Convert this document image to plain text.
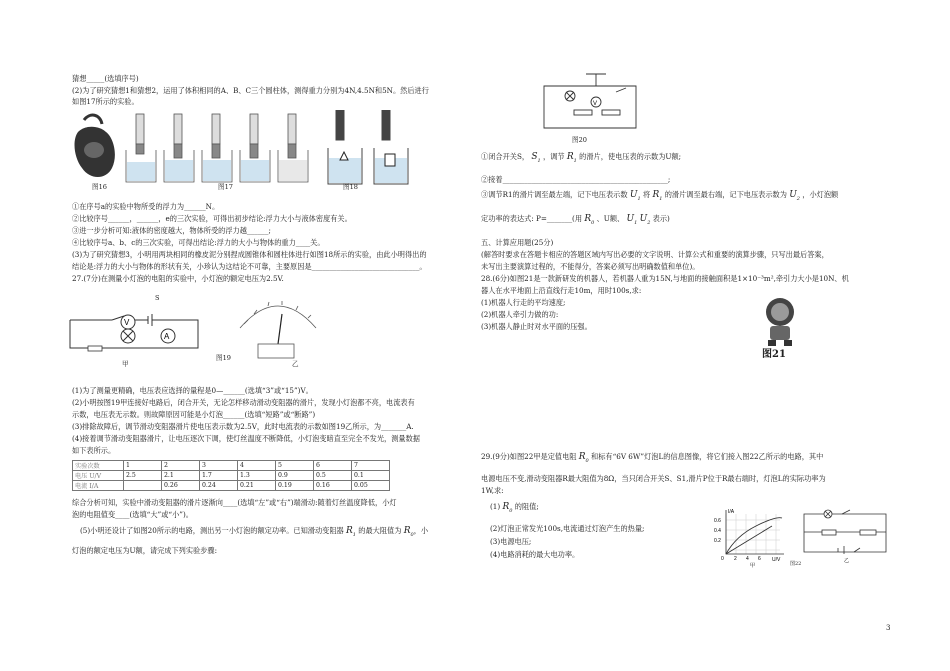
猜想_____(选填序号)
(2)为了研究猜想1和猜想2，运用了体积相同的A、B、C三个圆柱体，测得重力分别为4N,4.5N和5N。然后进行
如图17所示的实验。
图16	图17	图18
①在序号a的实验中物所受的浮力为______N。
②比较序号______，______，e的三次实验，可得出初步结论:浮力大小与液体密度有关。
③进一步分析可知:液体的密度越大，物体所受的浮力越______;
④比较序号a、b、c的三次实验，可得出结论:浮力的大小与物体的重力____关。
(3)为了研究猜想3，小明用两块相同的橡皮泥分别捏成圆锥体和圆柱体进行如图18所示的实验，由此小明得出的
结论是:浮力的大小与物体的形状有关，小珍认为这结论不可靠，主要原因是______________________________。
27.(7分)在测量小灯泡的电阻的实验中，小灯泡的额定电压为2.5V.
V
A
S
图19
甲	乙
(1)为了测量更精确，电压表应选择的量程是0—______(选填“3”或“15”)V。
(2)小明按图19甲连接好电路后，闭合开关，无论怎样移动滑动变阻器的滑片，发现小灯泡都不亮，电流表有
示数，电压表无示数。则故障原因可能是小灯泡______(选填“短路”或“断路”)
(3)排除故障后，调节滑动变阻器滑片使电压表示数为2.5V，此时电流表的示数如图19乙所示，为_______A.
(4)接着调节滑动变阻器滑片，让电压逐次下调，使灯丝温度不断降低，小灯泡变暗直至完全不发光，测量数据
如下表所示。
实验次数	1	2	3	4	5	6	7
电压 U/V	2.5	2.1	1.7	1.3	0.9	0.5	0.1
电流 I/A		0.26	0.24	0.21	0.19	0.16	0.05
综合分析可知，实验中滑动变阻器的滑片逐渐向____(选填“左”或“右”)端滑动:随着灯丝温度降低，小灯
泡的电阻值变____(选填“大”或“小”)。
(5)小明还设计了如图20所示的电路，测出另一小灯泡的额定功率。已知滑动变阻器 $R_1$ 的最大阻值为 $R_0$，小
灯泡的额定电压为U额，请完成下列实验步骤:
V
图20
①闭合开关S， $S_1$ ，调节 $R_1$ 的滑片，使电压表的示数为U额;
②接着______________________________________________;
③调节R1的滑片调至最左端，记下电压表示数 $U_1$ 将 $R_1$ 的滑片调至最右端，记下电压表示数为 $U_2$ ，小灯泡额
定功率的表达式: P=_______(用 $R_0$ 、U额、 $U_1$ $U_2$ 表示)
五、计算应用题(25分)
(解答时要求在答题卡相应的答题区域内写出必要的文字说明、计算公式和重要的演算步骤，只写出最后答案，
未写出主要演算过程的，不能得分，答案必须写出明确数值和单位)。
28.(6分)如图21是一款新研发的机器人，若机器人重为15N,与地面的接触面积是1×10⁻³m²,牵引力大小是10N、机
器人在水平地面上沿直线行走10m，用时100s,求:
(1)机器人行走的平均速度;
(2)机器人牵引力做的功:
(3)机器人静止时对水平面的压强。
图21
29.(9分)如图22甲是定值电阻 $R_0$ 和标有“6V 6W”灯泡L的信息图像，将它们接入图22乙所示的电路，其中
电源电压不变,滑动变阻器R最大阻值为8Ω，当只闭合开关S、S1,滑片P位于R最右端时，灯泡L的实际功率为
1W,求:
(1) $R_0$ 的阻值;
(2)灯泡正常发光100s,电流通过灯泡产生的热量;
(3)电源电压;
(4)电路消耗的最大电功率。
I/A
U/V
0.6
0.4
0.2
0 2 4 6
甲
乙
图22
3
